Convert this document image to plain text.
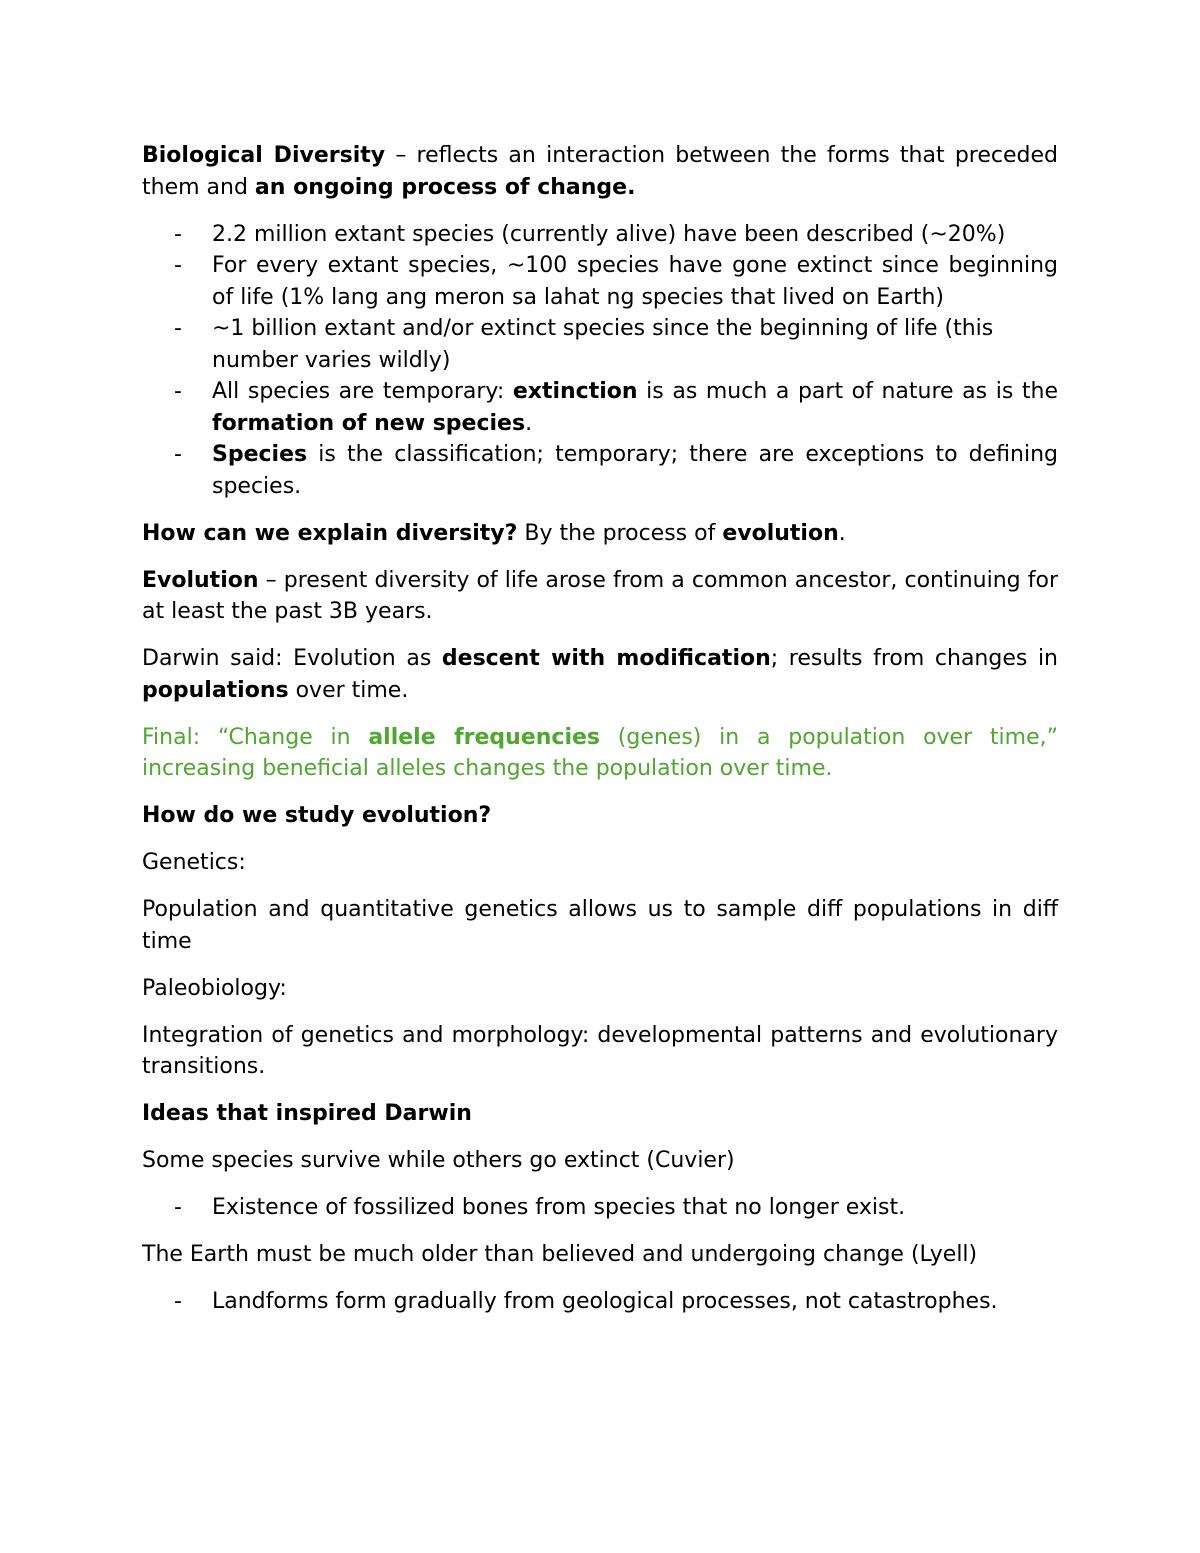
Biological Diversity – reflects an interaction between the forms that preceded them and an ongoing process of change.

- 2.2 million extant species (currently alive) have been described (~20%)
- For every extant species, ~100 species have gone extinct since beginning of life (1% lang ang meron sa lahat ng species that lived on Earth)
- ~1 billion extant and/or extinct species since the beginning of life (this number varies wildly)
- All species are temporary: extinction is as much a part of nature as is the formation of new species.
- Species is the classification; temporary; there are exceptions to defining species.

How can we explain diversity? By the process of evolution.

Evolution – present diversity of life arose from a common ancestor, continuing for at least the past 3B years.

Darwin said: Evolution as descent with modification; results from changes in populations over time.

Final: “Change in allele frequencies (genes) in a population over time,” increasing beneficial alleles changes the population over time.

How do we study evolution?

Genetics:

Population and quantitative genetics allows us to sample diff populations in diff time

Paleobiology:

Integration of genetics and morphology: developmental patterns and evolutionary transitions.

Ideas that inspired Darwin

Some species survive while others go extinct (Cuvier)

- Existence of fossilized bones from species that no longer exist.

The Earth must be much older than believed and undergoing change (Lyell)

- Landforms form gradually from geological processes, not catastrophes.
